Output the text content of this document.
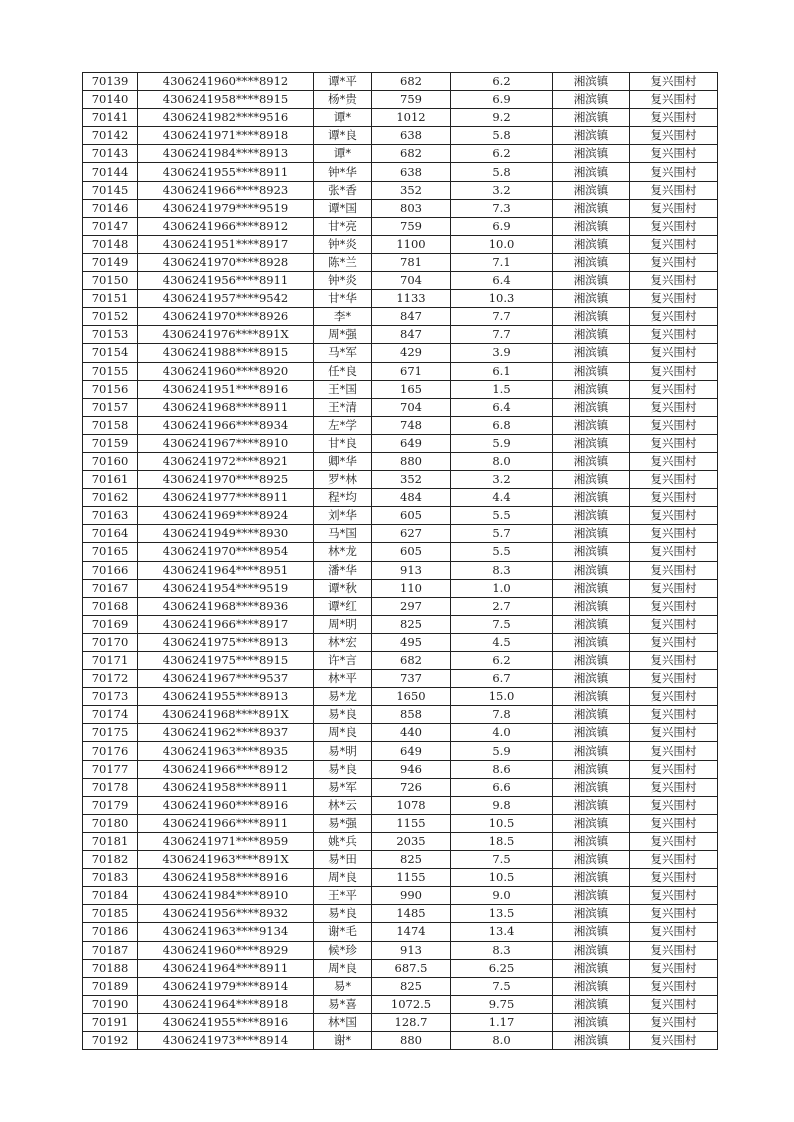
70139	4306241960****8912	谭*平	682	6.2	湘滨镇	复兴围村
70140	4306241958****8915	杨*贵	759	6.9	湘滨镇	复兴围村
70141	4306241982****9516	谭*	1012	9.2	湘滨镇	复兴围村
70142	4306241971****8918	谭*良	638	5.8	湘滨镇	复兴围村
70143	4306241984****8913	谭*	682	6.2	湘滨镇	复兴围村
70144	4306241955****8911	钟*华	638	5.8	湘滨镇	复兴围村
70145	4306241966****8923	张*香	352	3.2	湘滨镇	复兴围村
70146	4306241979****9519	谭*国	803	7.3	湘滨镇	复兴围村
70147	4306241966****8912	甘*亮	759	6.9	湘滨镇	复兴围村
70148	4306241951****8917	钟*炎	1100	10.0	湘滨镇	复兴围村
70149	4306241970****8928	陈*兰	781	7.1	湘滨镇	复兴围村
70150	4306241956****8911	钟*炎	704	6.4	湘滨镇	复兴围村
70151	4306241957****9542	甘*华	1133	10.3	湘滨镇	复兴围村
70152	4306241970****8926	李*	847	7.7	湘滨镇	复兴围村
70153	4306241976****891X	周*强	847	7.7	湘滨镇	复兴围村
70154	4306241988****8915	马*军	429	3.9	湘滨镇	复兴围村
70155	4306241960****8920	任*良	671	6.1	湘滨镇	复兴围村
70156	4306241951****8916	王*国	165	1.5	湘滨镇	复兴围村
70157	4306241968****8911	王*清	704	6.4	湘滨镇	复兴围村
70158	4306241966****8934	左*学	748	6.8	湘滨镇	复兴围村
70159	4306241967****8910	甘*良	649	5.9	湘滨镇	复兴围村
70160	4306241972****8921	卿*华	880	8.0	湘滨镇	复兴围村
70161	4306241970****8925	罗*林	352	3.2	湘滨镇	复兴围村
70162	4306241977****8911	程*均	484	4.4	湘滨镇	复兴围村
70163	4306241969****8924	刘*华	605	5.5	湘滨镇	复兴围村
70164	4306241949****8930	马*国	627	5.7	湘滨镇	复兴围村
70165	4306241970****8954	林*龙	605	5.5	湘滨镇	复兴围村
70166	4306241964****8951	潘*华	913	8.3	湘滨镇	复兴围村
70167	4306241954****9519	谭*秋	110	1.0	湘滨镇	复兴围村
70168	4306241968****8936	谭*红	297	2.7	湘滨镇	复兴围村
70169	4306241966****8917	周*明	825	7.5	湘滨镇	复兴围村
70170	4306241975****8913	林*宏	495	4.5	湘滨镇	复兴围村
70171	4306241975****8915	许*言	682	6.2	湘滨镇	复兴围村
70172	4306241967****9537	林*平	737	6.7	湘滨镇	复兴围村
70173	4306241955****8913	易*龙	1650	15.0	湘滨镇	复兴围村
70174	4306241968****891X	易*良	858	7.8	湘滨镇	复兴围村
70175	4306241962****8937	周*良	440	4.0	湘滨镇	复兴围村
70176	4306241963****8935	易*明	649	5.9	湘滨镇	复兴围村
70177	4306241966****8912	易*良	946	8.6	湘滨镇	复兴围村
70178	4306241958****8911	易*军	726	6.6	湘滨镇	复兴围村
70179	4306241960****8916	林*云	1078	9.8	湘滨镇	复兴围村
70180	4306241966****8911	易*强	1155	10.5	湘滨镇	复兴围村
70181	4306241971****8959	姚*兵	2035	18.5	湘滨镇	复兴围村
70182	4306241963****891X	易*田	825	7.5	湘滨镇	复兴围村
70183	4306241958****8916	周*良	1155	10.5	湘滨镇	复兴围村
70184	4306241984****8910	王*平	990	9.0	湘滨镇	复兴围村
70185	4306241956****8932	易*良	1485	13.5	湘滨镇	复兴围村
70186	4306241963****9134	谢*毛	1474	13.4	湘滨镇	复兴围村
70187	4306241960****8929	候*珍	913	8.3	湘滨镇	复兴围村
70188	4306241964****8911	周*良	687.5	6.25	湘滨镇	复兴围村
70189	4306241979****8914	易*	825	7.5	湘滨镇	复兴围村
70190	4306241964****8918	易*喜	1072.5	9.75	湘滨镇	复兴围村
70191	4306241955****8916	林*国	128.7	1.17	湘滨镇	复兴围村
70192	4306241973****8914	谢*	880	8.0	湘滨镇	复兴围村
